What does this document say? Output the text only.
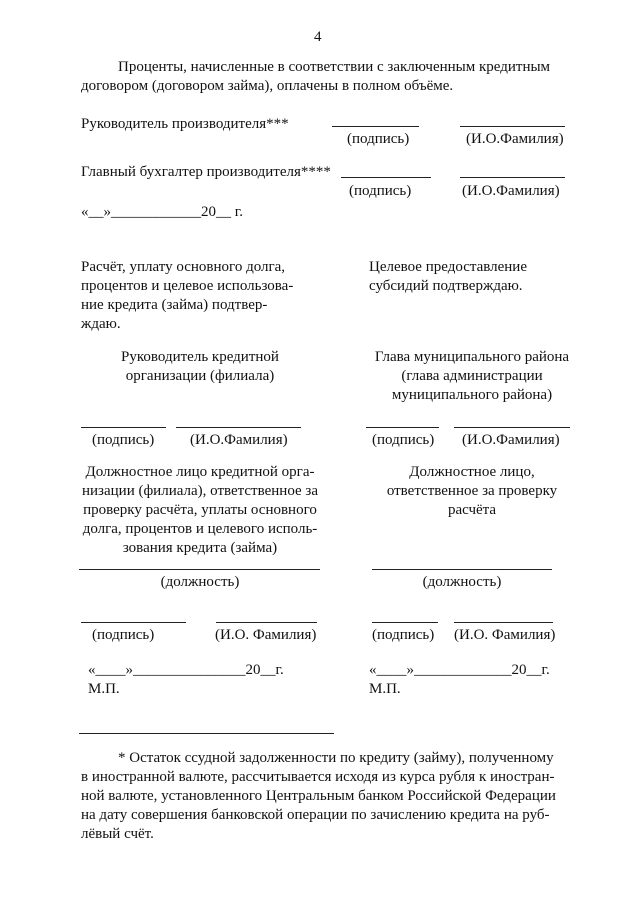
4
Проценты, начисленные в соответствии с заключенным кредитным
договором (договором займа), оплачены в полном объёме.
Руководитель производителя***
(подпись)	(И.О.Фамилия)
Главный бухгалтер производителя****
(подпись)	(И.О.Фамилия)
«__»____________20__ г.
Расчёт, уплату основного долга,
процентов и целевое использова-
ние кредита (займа) подтвер-
ждаю.
Целевое предоставление
субсидий подтверждаю.
Руководитель кредитной
организации (филиала)
Глава муниципального района
(глава администрации
муниципального района)
(подпись) (И.О.Фамилия)	(подпись) (И.О.Фамилия)
Должностное лицо кредитной орга-
низации (филиала), ответственное за
проверку расчёта, уплаты основного
долга, процентов и целевого исполь-
зования кредита (займа)
Должностное лицо,
ответственное за проверку
расчёта
(должность)	(должность)
(подпись)	(И.О. Фамилия)	(подпись) (И.О. Фамилия)
«____»_______________20__г.
М.П.
«____»_____________20__г.
М.П.
* Остаток ссудной задолженности по кредиту (займу), полученному
в иностранной валюте, рассчитывается исходя из курса рубля к иностран-
ной валюте, установленного Центральным банком Российской Федерации
на дату совершения банковской операции по зачислению кредита на руб-
лёвый счёт.
